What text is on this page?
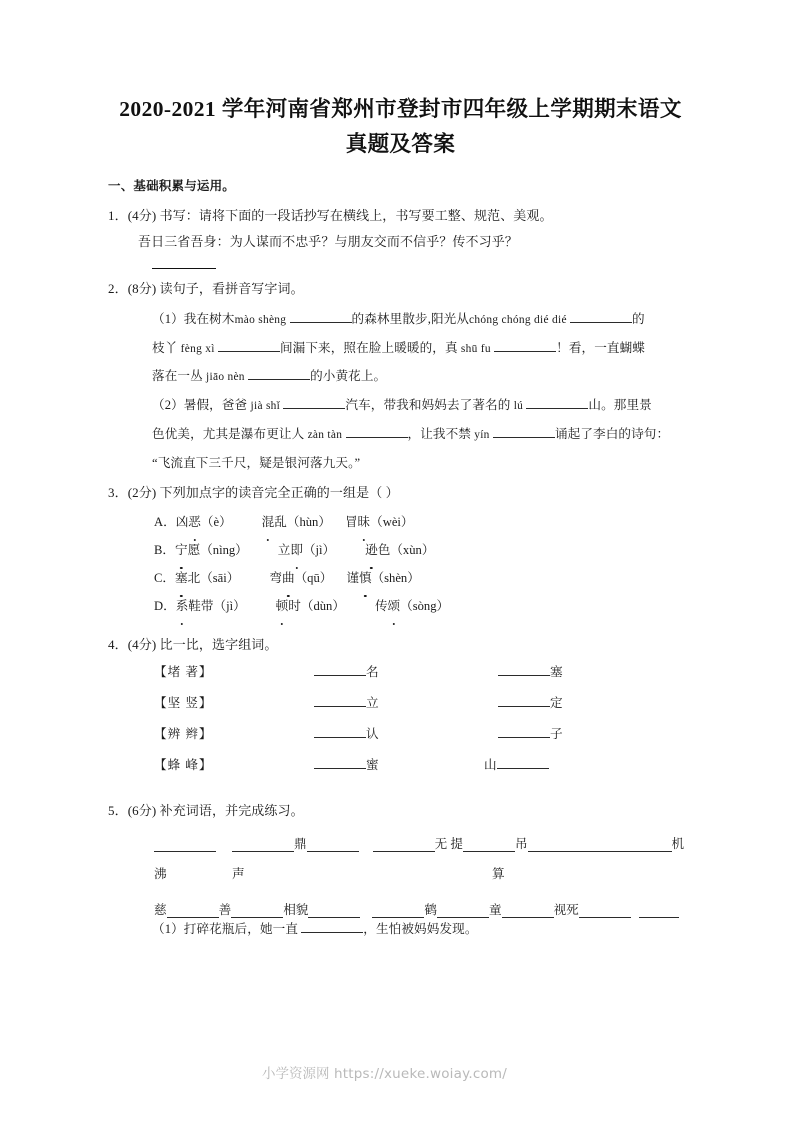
2020-2021 学年河南省郑州市登封市四年级上学期期末语文
真题及答案
一、基础积累与运用。
1．(4分) 书写：请将下面的一段话抄写在横线上，书写要工整、规范、美观。
吾日三省吾身：为人谋而不忠乎？与朋友交而不信乎？传不习乎？
2．(8分) 读句子，看拼音写字词。
（1）我在树木mào shèng	的森林里散步,阳光从chóng chóng dié dié	的
枝丫 fèng xì	间漏下来，照在脸上暖暖的，真 shū fu	！看，一直蝴蝶
落在一丛 jiāo nèn	的小黄花上。
（2）暑假，爸爸 jià shǐ	汽车，带我和妈妈去了著名的 lú	山。那里景
色优美，尤其是瀑布更让人 zàn tàn	，让我不禁 yín	诵起了李白的诗句：
“飞流直下三千尺，疑是银河落九天。”
3．(2分) 下列加点字的读音完全正确的一组是（ ）
A．凶恶（è） 混乱（hùn） 冒昧（wèi）
B．宁愿（nìng） 立即（jì） 逊色（xùn）
C．塞北（sāi） 弯曲（qū） 谨慎（shèn）
D．系鞋带（jì） 顿时（dùn） 传颂（sòng）
4．(4分) 比一比，选字组词。
【堵 著】	名	塞
【坚 竖】	立	定
【辨 辫】	认	子
【蜂 峰】	蜜	山
5．(6分) 补充词语，并完成练习。
鼎	无 提	吊	机
沸	声	算
慈	善	相貌	鹤	童	视死
（1）打碎花瓶后，她一直	，生怕被妈妈发现。
小学资源网 https://xueke.woiay.com/
